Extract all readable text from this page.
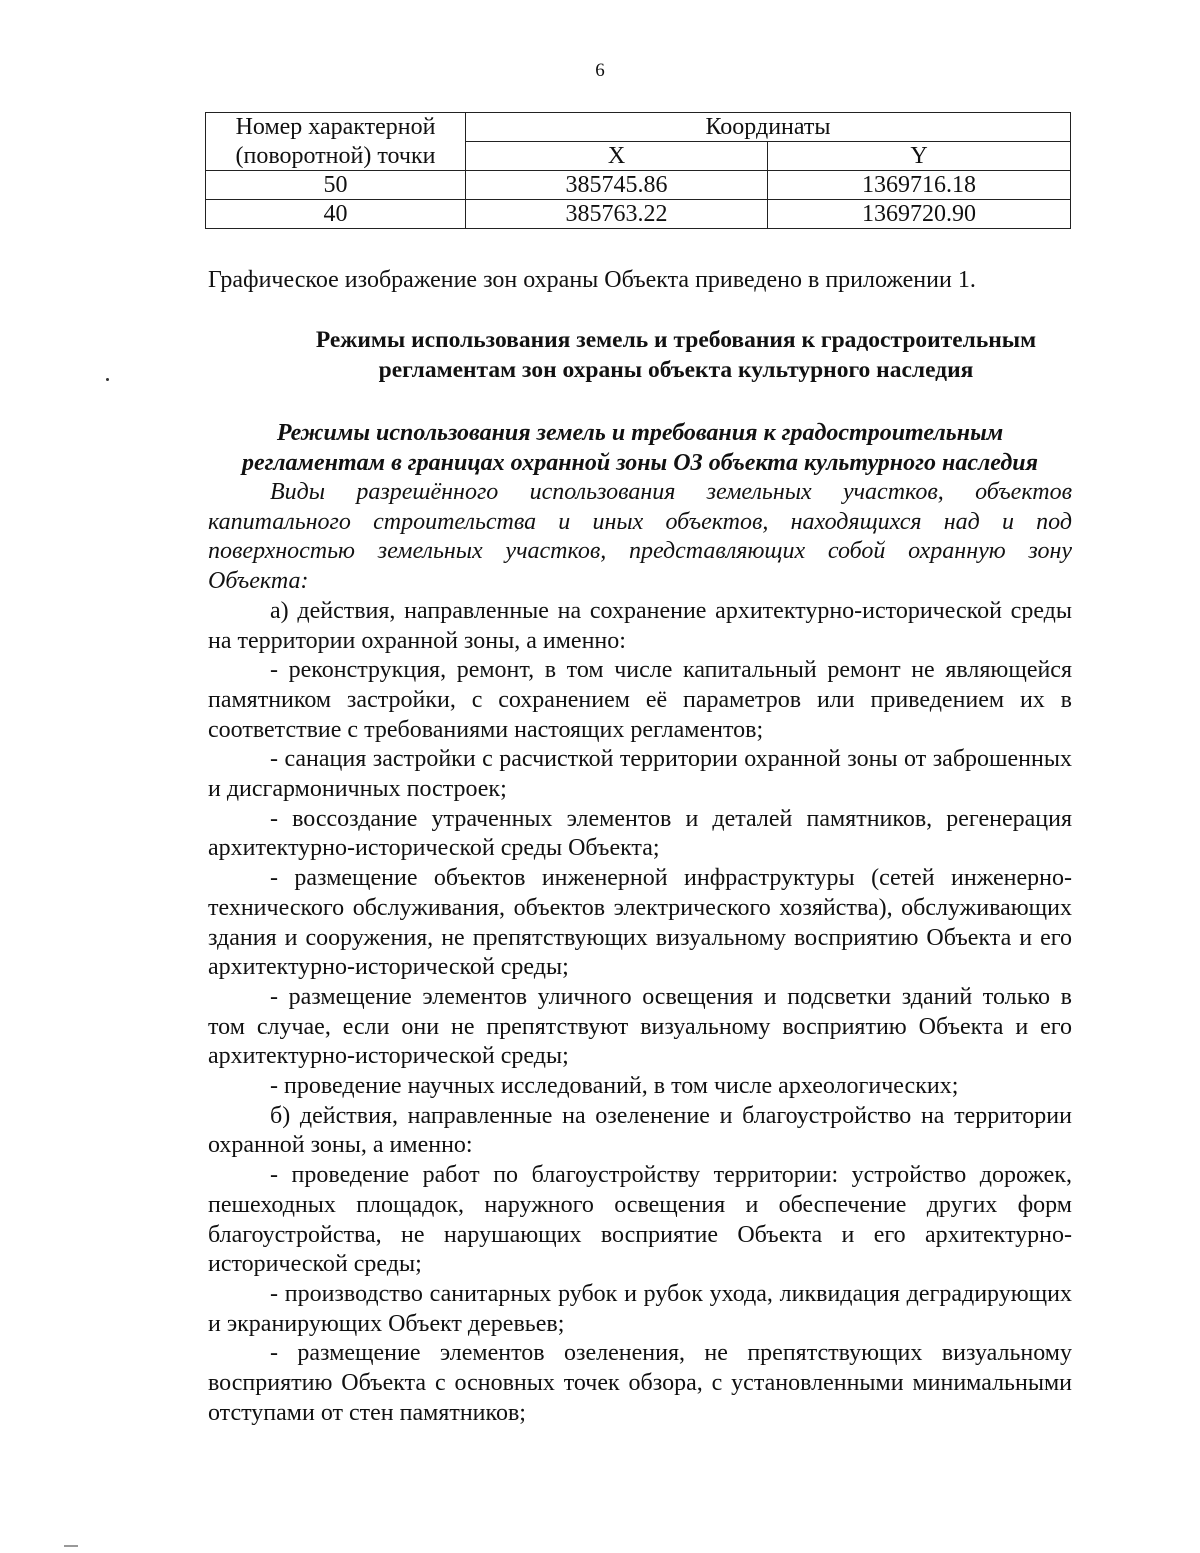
6
Номер характерной	Координаты	
(поворотной) точки	X	Y
50	385745.86	1369716.18
40	385763.22	1369720.90
Графическое изображение зон охраны Объекта приведено в приложении 1.
Режимы использования земель и требования к градостроительным регламентам зон охраны объекта культурного наследия
Режимы использования земель и требования к градостроительным регламентам в границах охранной зоны ОЗ объекта культурного наследия

Виды разрешённого использования земельных участков, объектов капитального строительства и иных объектов, находящихся над и под поверхностью земельных участков, представляющих собой охранную зону Объекта:

а) действия, направленные на сохранение архитектурно-исторической среды на территории охранной зоны, а именно:

- реконструкция, ремонт, в том числе капитальный ремонт не являющейся памятником застройки, с сохранением её параметров или приведением их в соответствие с требованиями настоящих регламентов;

- санация застройки с расчисткой территории охранной зоны от заброшенных и дисгармоничных построек;

- воссоздание утраченных элементов и деталей памятников, регенерация архитектурно-исторической среды Объекта;

- размещение объектов инженерной инфраструктуры (сетей инженерно-технического обслуживания, объектов электрического хозяйства), обслуживающих здания и сооружения, не препятствующих визуальному восприятию Объекта и его архитектурно-исторической среды;

- размещение элементов уличного освещения и подсветки зданий только в том случае, если они не препятствуют визуальному восприятию Объекта и его архитектурно-исторической среды;

- проведение научных исследований, в том числе археологических;

б) действия, направленные на озеленение и благоустройство на территории охранной зоны, а именно:

- проведение работ по благоустройству территории: устройство дорожек, пешеходных площадок, наружного освещения и обеспечение других форм благоустройства, не нарушающих восприятие Объекта и его архитектурно-исторической среды;

- производство санитарных рубок и рубок ухода, ликвидация деградирующих и экранирующих Объект деревьев;

- размещение элементов озеленения, не препятствующих визуальному восприятию Объекта с основных точек обзора, с установленными минимальными отступами от стен памятников;
